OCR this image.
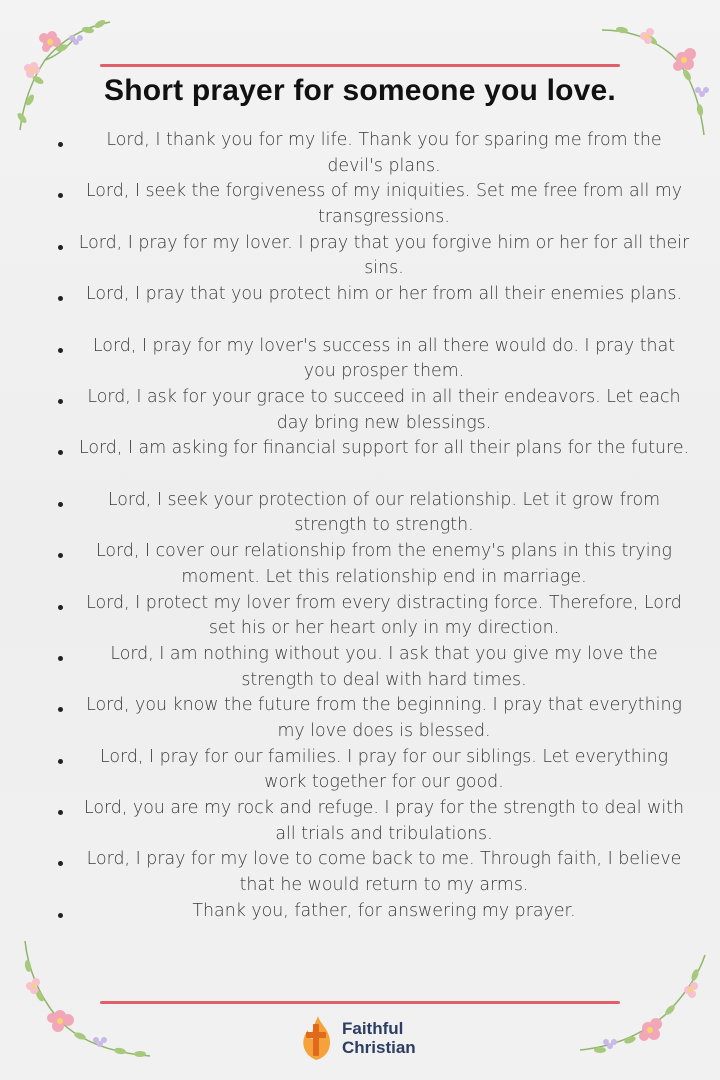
Short prayer for someone you love.
Lord, I thank you for my life. Thank you for sparing me from the devil's plans.
Lord, I seek the forgiveness of my iniquities. Set me free from all my transgressions.
Lord, I pray for my lover. I pray that you forgive him or her for all their sins.
Lord, I pray that you protect him or her from all their enemies plans.
Lord, I pray for my lover's success in all there would do. I pray that you prosper them.
Lord, I ask for your grace to succeed in all their endeavors. Let each day bring new blessings.
Lord, I am asking for financial support for all their plans for the future.
Lord, I seek your protection of our relationship. Let it grow from strength to strength.
Lord, I cover our relationship from the enemy's plans in this trying moment. Let this relationship end in marriage.
Lord, I protect my lover from every distracting force. Therefore, Lord set his or her heart only in my direction.
Lord, I am nothing without you. I ask that you give my love the strength to deal with hard times.
Lord, you know the future from the beginning. I pray that everything my love does is blessed.
Lord, I pray for our families. I pray for our siblings. Let everything work together for our good.
Lord, you are my rock and refuge. I pray for the strength to deal with all trials and tribulations.
Lord, I pray for my love to come back to me. Through faith, I believe that he would return to my arms.
Thank you, father, for answering my prayer.
Faithful
Christian
